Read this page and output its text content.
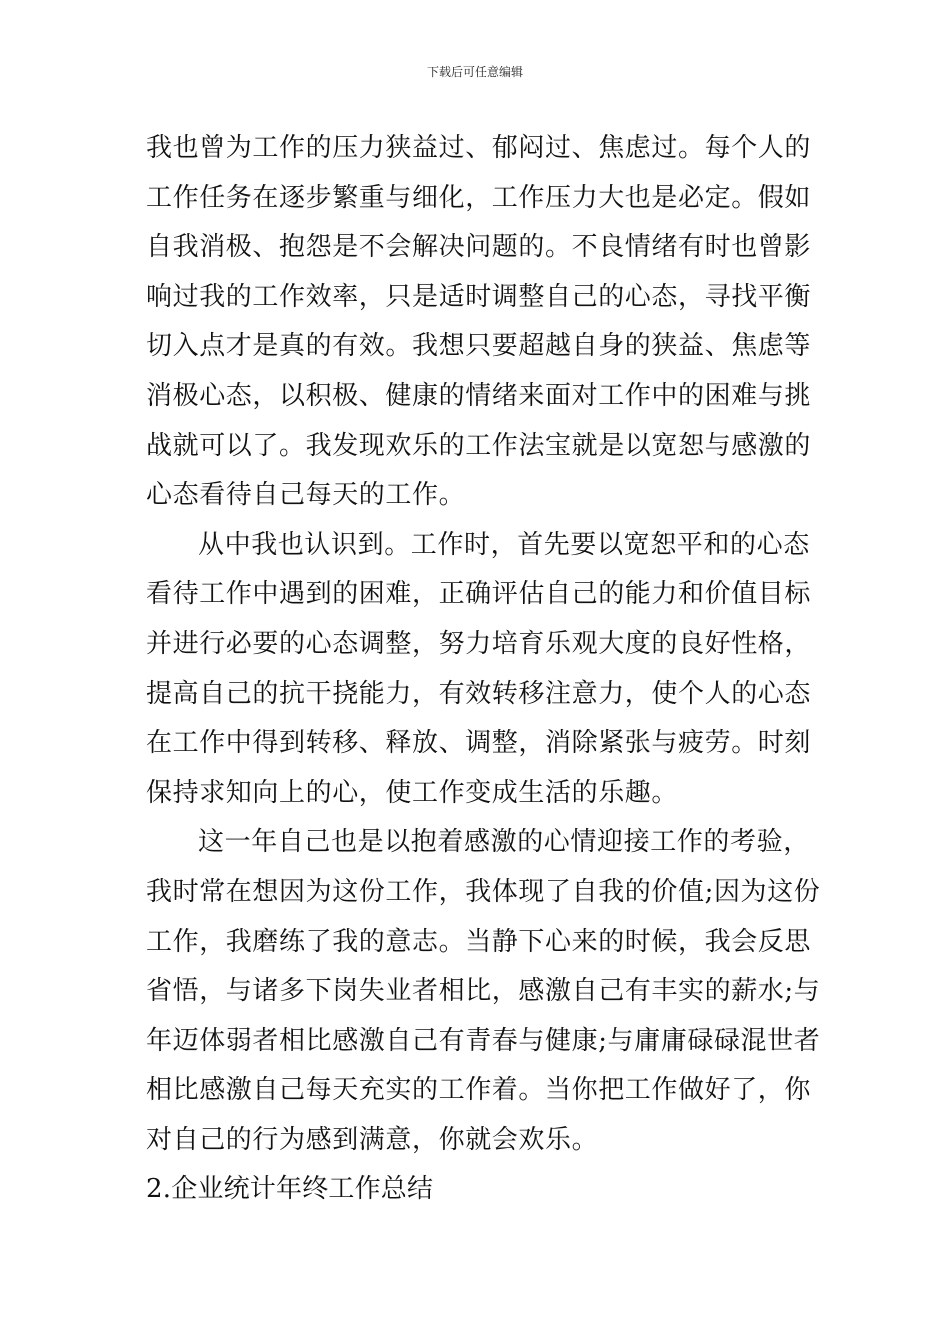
下载后可任意编辑
我也曾为工作的压力狭益过、郁闷过、焦虑过。每个人的
工作任务在逐步繁重与细化，工作压力大也是必定。假如
自我消极、抱怨是不会解决问题的。不良情绪有时也曾影
响过我的工作效率，只是适时调整自己的心态，寻找平衡
切入点才是真的有效。我想只要超越自身的狭益、焦虑等
消极心态，以积极、健康的情绪来面对工作中的困难与挑
战就可以了。我发现欢乐的工作法宝就是以宽恕与感激的
心态看待自己每天的工作。
从中我也认识到。工作时，首先要以宽恕平和的心态
看待工作中遇到的困难，正确评估自己的能力和价值目标
并进行必要的心态调整，努力培育乐观大度的良好性格，
提高自己的抗干挠能力，有效转移注意力，使个人的心态
在工作中得到转移、释放、调整，消除紧张与疲劳。时刻
保持求知向上的心，使工作变成生活的乐趣。
这一年自己也是以抱着感激的心情迎接工作的考验，
我时常在想因为这份工作，我体现了自我的价值;因为这份
工作，我磨练了我的意志。当静下心来的时候，我会反思
省悟，与诸多下岗失业者相比，感激自己有丰实的薪水;与
年迈体弱者相比感激自己有青春与健康;与庸庸碌碌混世者
相比感激自己每天充实的工作着。当你把工作做好了，你
对自己的行为感到满意，你就会欢乐。
2.企业统计年终工作总结
